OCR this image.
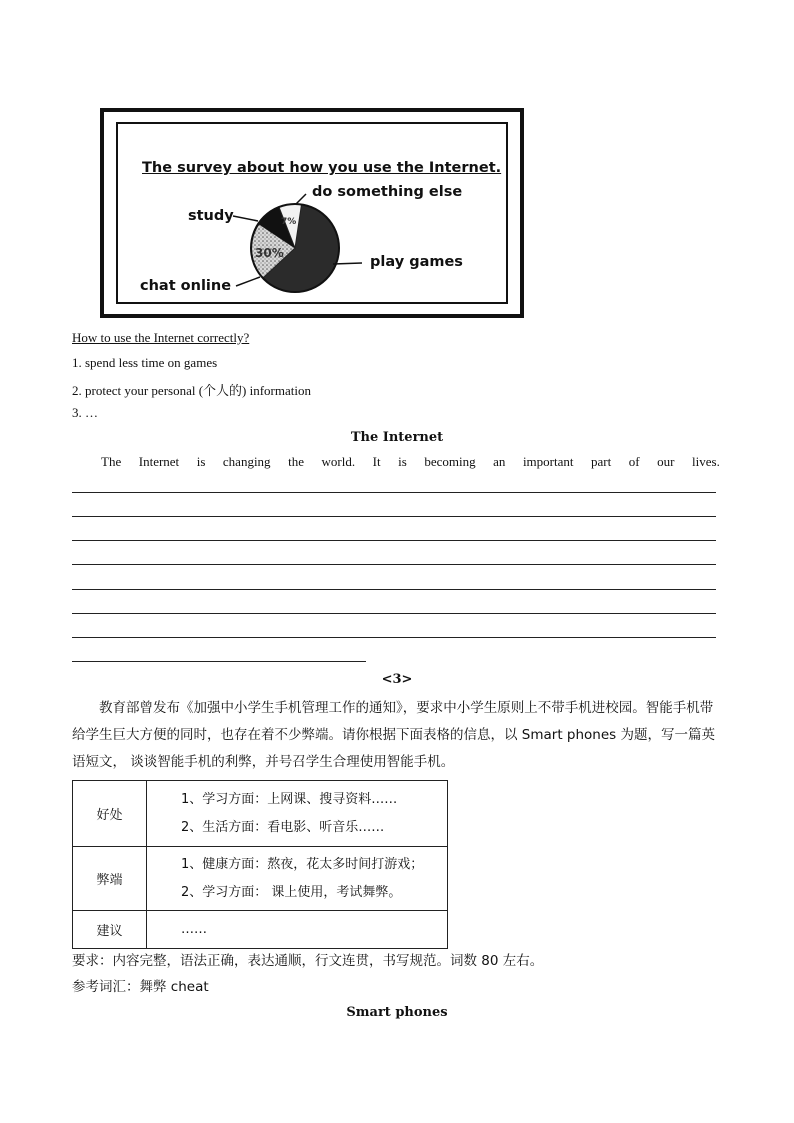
The survey about how you use the Internet.
30%
7%
study
do something else
play games
chat online
How to use the Internet correctly?
1. spend less time on games
2. protect your personal (个人的) information
3. …
The Internet
The Internet is changing the world. It is becoming an important part of our lives.
<3>
教育部曾发布《加强中小学生手机管理工作的通知》，要求中小学生原则上不带手机进校园。智能手机带给学生巨大方便的同时，也存在着不少弊端。请你根据下面表格的信息，以 Smart phones 为题，写一篇英语短文， 谈谈智能手机的利弊，并号召学生合理使用智能手机。
好处	1、学习方面：上网课、搜寻资料……
2、生活方面：看电影、听音乐……

弊端	1、健康方面：熬夜，花太多时间打游戏；
2、学习方面： 课上使用，考试舞弊。

建议	……
要求：内容完整，语法正确，表达通顺，行文连贯，书写规范。词数 80 左右。
参考词汇：舞弊 cheat
Smart phones
